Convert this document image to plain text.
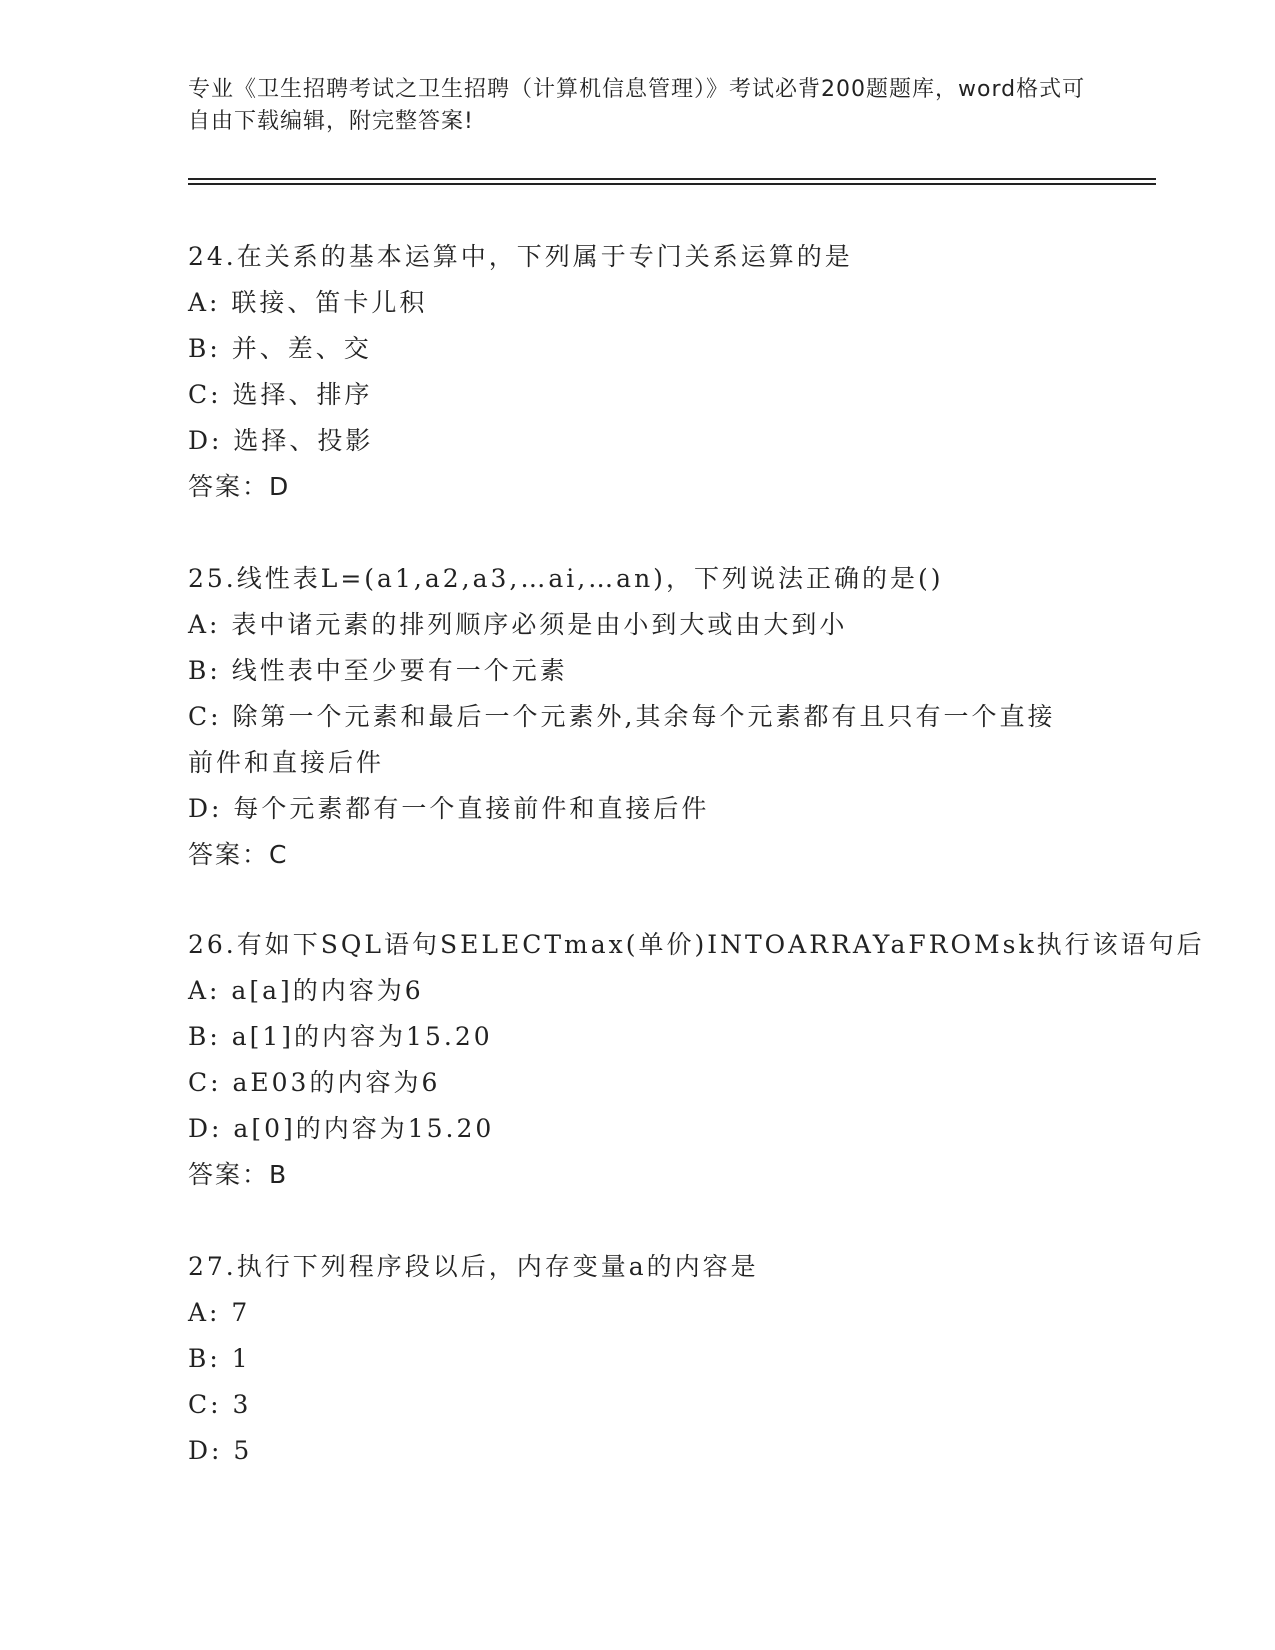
专业《卫生招聘考试之卫生招聘（计算机信息管理）》考试必背200题题库，word格式可自由下载编辑，附完整答案!
24.在关系的基本运算中，下列属于专门关系运算的是
A: 联接、笛卡儿积
B: 并、差、交
C: 选择、排序
D: 选择、投影
答案：D
25.线性表L=(a1,a2,a3,…ai,…an)，下列说法正确的是()
A: 表中诸元素的排列顺序必须是由小到大或由大到小
B: 线性表中至少要有一个元素
C: 除第一个元素和最后一个元素外,其余每个元素都有且只有一个直接前件和直接后件
D: 每个元素都有一个直接前件和直接后件
答案：C
26.有如下SQL语句SELECTmax(单价)INTOARRAYaFROMsk执行该语句后
A: a[a]的内容为6
B: a[1]的内容为15.20
C: aE03的内容为6
D: a[0]的内容为15.20
答案：B
27.执行下列程序段以后，内存变量a的内容是
A: 7
B: 1
C: 3
D: 5
